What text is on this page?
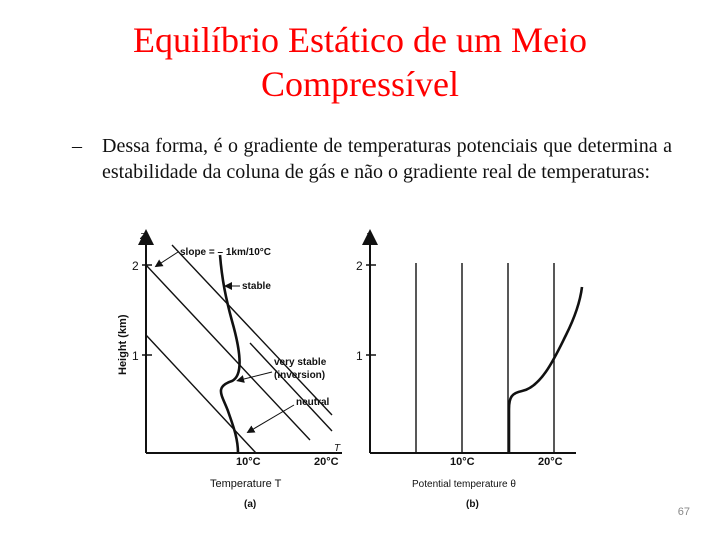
Equilíbrio Estático de um Meio
Compressível
– Dessa forma, é o gradiente de temperaturas potenciais que determina a estabilidade da coluna de gás e não o gradiente real de temperaturas:
z
Height (km)
2
1
slope = – 1km/10°C
stable
very stable
(inversion)
neutral
10°C	20°C
T
Temperature T
(a)
z
2
1
10°C	20°C
Potential temperature θ
(b)
67
